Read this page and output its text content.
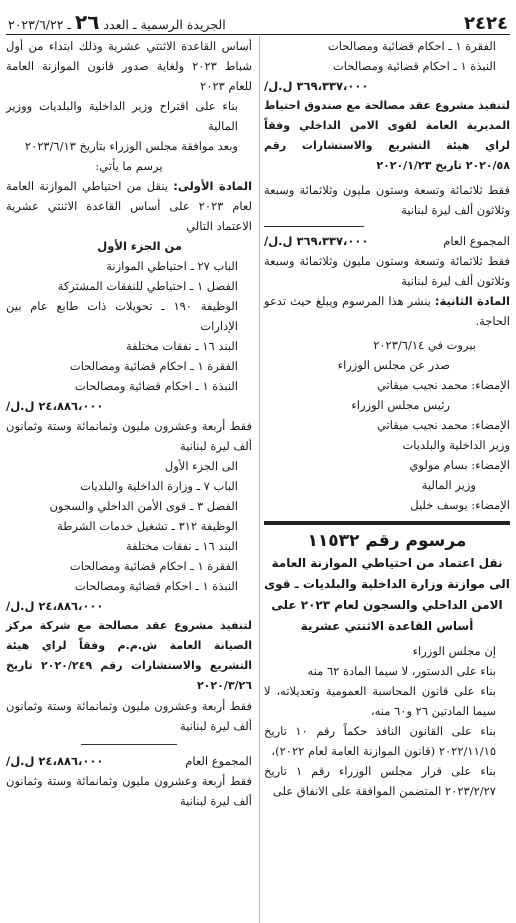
٢٤٢٤
الجريدة الرسمية ـ العدد ٢٦ ـ ٢٠٢٣/٦/٢٢

الفقرة ١ ـ احكام قضائية ومصالحات

النبذة ١ ـ احكام قضائية ومصالحات

٣٦٩،٣٣٧،٠٠٠ ل.ل/

لتنفيذ مشروع عقد مصالحة مع صندوق احتياط المديرية العامة لقوى الامن الداخلي وفقاً لراي هيئة التشريع والاستشارات رقم ٢٠٢٠/٥٨ تاريخ ٢٠٢٠/١/٢٣

فقط ثلاثمائة وتسعة وستون مليون وثلاثمائة وسبعة وثلاثون ألف ليرة لبنانية

المجموع العام
٣٦٩،٣٣٧،٠٠٠ ل.ل/

فقط ثلاثمائة وتسعة وستون مليون وثلاثمائة وسبعة وثلاثون ألف ليرة لبنانية

المادة الثانية: ينشر هذا المرسوم ويبلغ حيث تدعو الحاجة.

بيروت في ٢٠٢٣/٦/١٤

صدر عن مجلس الوزراء

الإمضاء: محمد نجيب ميقاتي

رئيس مجلس الوزراء

الإمضاء: محمد نجيب ميقاتي

وزير الداخلية والبلديات

الإمضاء: بسام مولوي

وزير المالية

الإمضاء: يوسف خليل

مرسوم رقم ١١٥٣٢
نقل اعتماد من احتياطي الموازنة العامة الى موازنة وزارة الداخلية والبلديات ـ قوى الامن الداخلي والسجون لعام ٢٠٢٣ على أساس القاعدة الاثنتي عشرية

إن مجلس الوزراء

بناء على الدستور، لا سيما المادة ٦٢ منه

بناء على قانون المحاسبة العمومية وتعديلاته، لا سيما المادتين ٢٦ و٦٠ منه،

بناء على القانون النافذ حكماً رقم ١٠ تاريخ ٢٠٢٢/١١/١٥ (قانون الموازنة العامة لعام ٢٠٢٢)،

بناء على قرار مجلس الوزراء رقم ١ تاريخ ٢٠٢٣/٢/٢٧ المتضمن الموافقة على الانفاق على

أساس القاعدة الاثنتي عشرية وذلك ابتداء من أول شباط ٢٠٢٣ ولغاية صدور قانون الموازنة العامة للعام ٢٠٢٣

بناء على اقتراح وزير الداخلية والبلديات ووزير المالية

وبعد موافقة مجلس الوزراء بتاريخ ٢٠٢٣/٦/١٣

يرسم ما يأتي:

المادة الأولى: ينقل من احتياطي الموازنة العامة لعام ٢٠٢٣ على أساس القاعدة الاثنتي عشرية الاعتماد التالي

من الجزء الأول

الباب ٢٧ ـ احتياطي الموازنة

الفصل ١ ـ احتياطي للنفقات المشتركة

الوظيفة ١٩٠ ـ تحويلات ذات طابع عام بين الإدارات

البند ١٦ ـ نفقات مختلفة

الفقرة ١ ـ احكام قضائية ومصالحات

النبذة ١ ـ احكام قضائية ومصالحات

٢٤،٨٨٦،٠٠٠ ل.ل/

فقط أربعة وعشرون مليون وثمانمائة وستة وثمانون ألف ليرة لبنانية

الى الجزء الأول

الباب ٧ ـ وزارة الداخلية والبلديات

الفصل ٣ ـ قوى الأمن الداخلي والسجون

الوظيفة ٣١٢ ـ تشغيل خدمات الشرطة

البند ١٦ ـ نفقات مختلفة

الفقرة ١ ـ احكام قضائية ومصالحات

النبذة ١ ـ احكام قضائية ومصالحات

٢٤،٨٨٦،٠٠٠ ل.ل/

لتنفيذ مشروع عقد مصالحة مع شركة مركز الصيانة العامة ش.م.م وفقاً لراي هيئة التشريع والاستشارات رقم ٢٠٢٠/٢٤٩ تاريخ ٢٠٢٠/٣/٢٦

فقط أربعة وعشرون مليون وثمانمائة وستة وثمانون ألف ليرة لبنانية

المجموع العام
٢٤،٨٨٦،٠٠٠ ل.ل/

فقط أربعة وعشرون مليون وثمانمائة وستة وثمانون ألف ليرة لبنانية
